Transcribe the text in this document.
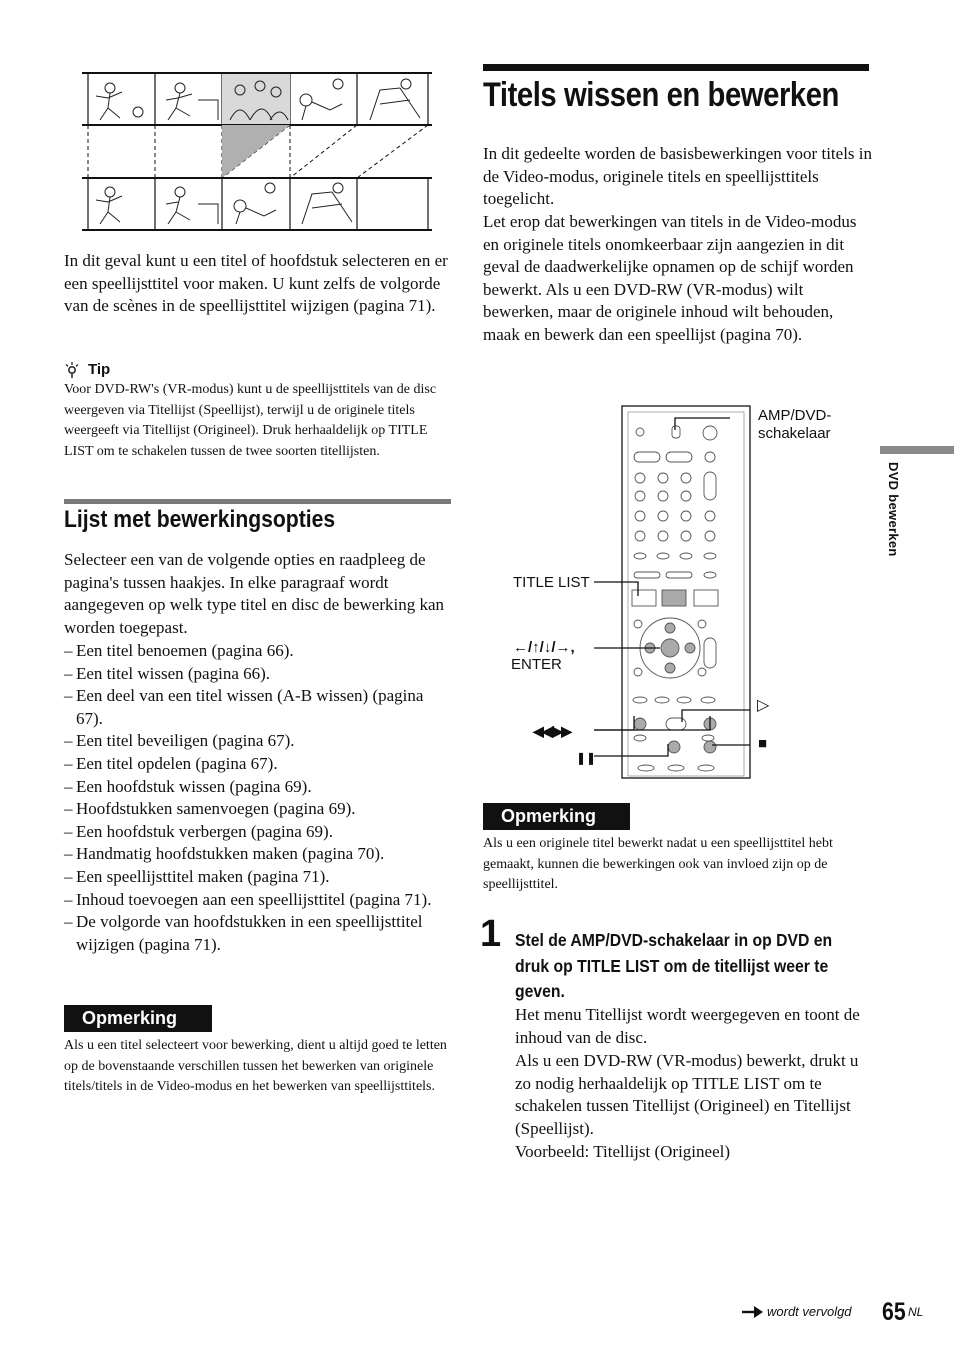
In dit geval kunt u een titel of hoofdstuk selecteren en er een speellijsttitel voor maken. U kunt zelfs de volgorde van de scènes in de speellijsttitel wijzigen (pagina 71).
Tip
Voor DVD-RW's (VR-modus) kunt u de speellijsttitels van de disc weergeven via Titellijst (Speellijst), terwijl u de originele titels weergeeft via Titellijst (Origineel). Druk herhaaldelijk op TITLE LIST om te schakelen tussen de twee soorten titellijsten.
Lijst met bewerkingsopties
Selecteer een van de volgende opties en raadpleeg de pagina's tussen haakjes. In elke paragraaf wordt aangegeven op welk type titel en disc de bewerking kan worden toegepast.
– Een titel benoemen (pagina 66).
– Een titel wissen (pagina 66).
– Een deel van een titel wissen (A-B wissen) (pagina 67).
– Een titel beveiligen (pagina 67).
– Een titel opdelen (pagina 67).
– Een hoofdstuk wissen (pagina 69).
– Hoofdstukken samenvoegen (pagina 69).
– Een hoofdstuk verbergen (pagina 69).
– Handmatig hoofdstukken maken (pagina 70).
– Een speellijsttitel maken (pagina 71).
– Inhoud toevoegen aan een speellijsttitel (pagina 71).
– De volgorde van hoofdstukken in een speellijsttitel wijzigen (pagina 71).
Opmerking
Als u een titel selecteert voor bewerking, dient u altijd goed te letten op de bovenstaande verschillen tussen het bewerken van originele titels/titels in de Video-modus en het bewerken van speellijsttitels.
Titels wissen en bewerken
In dit gedeelte worden de basisbewerkingen voor titels in de Video-modus, originele titels en speellijsttitels toegelicht.
Let erop dat bewerkingen van titels in de Video-modus en originele titels onomkeerbaar zijn aangezien in dit geval de daadwerkelijke opnamen op de schijf worden bewerkt. Als u een DVD-RW (VR-modus) wilt bewerken, maar de originele inhoud wilt behouden, maak en bewerk dan een speellijst (pagina 70).
AMP/DVD-
schakelaar
TITLE LIST
←/↑/↓/→,
ENTER
◀◀/▶▶
❚❚
▷
■
Opmerking
Als u een originele titel bewerkt nadat u een speellijsttitel hebt gemaakt, kunnen die bewerkingen ook van invloed zijn op de speellijsttitel.
1 Stel de AMP/DVD-schakelaar in op DVD en druk op TITLE LIST om de titellijst weer te geven.
Het menu Titellijst wordt weergegeven en toont de inhoud van de disc.
Als u een DVD-RW (VR-modus) bewerkt, drukt u zo nodig herhaaldelijk op TITLE LIST om te schakelen tussen Titellijst (Origineel) en Titellijst (Speellijst).
Voorbeeld: Titellijst (Origineel)
DVD bewerken
wordt vervolgd 65 NL
